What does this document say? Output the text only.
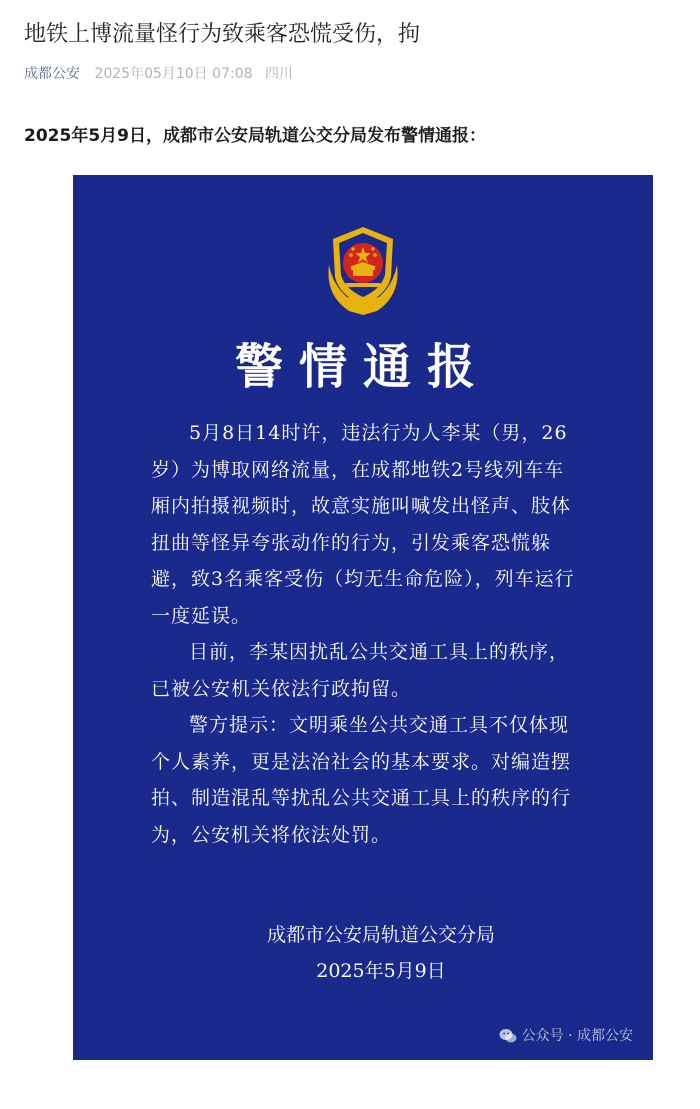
地铁上博流量怪行为致乘客恐慌受伤，拘
成都公安 2025年05月10日 07:08 四川
2025年5月9日，成都市公安局轨道公交分局发布警情通报：
警情通报

5月8日14时许，违法行为人李某（男，26岁）为博取网络流量，在成都地铁2号线列车车厢内拍摄视频时，故意实施叫喊发出怪声、肢体扭曲等怪异夸张动作的行为，引发乘客恐慌躲避，致3名乘客受伤（均无生命危险），列车运行一度延误。

目前，李某因扰乱公共交通工具上的秩序，已被公安机关依法行政拘留。

警方提示：文明乘坐公共交通工具不仅体现个人素养，更是法治社会的基本要求。对编造摆拍、制造混乱等扰乱公共交通工具上的秩序的行为，公安机关将依法处罚。

成都市公安局轨道公交分局
2025年5月9日
公众号 · 成都公安
